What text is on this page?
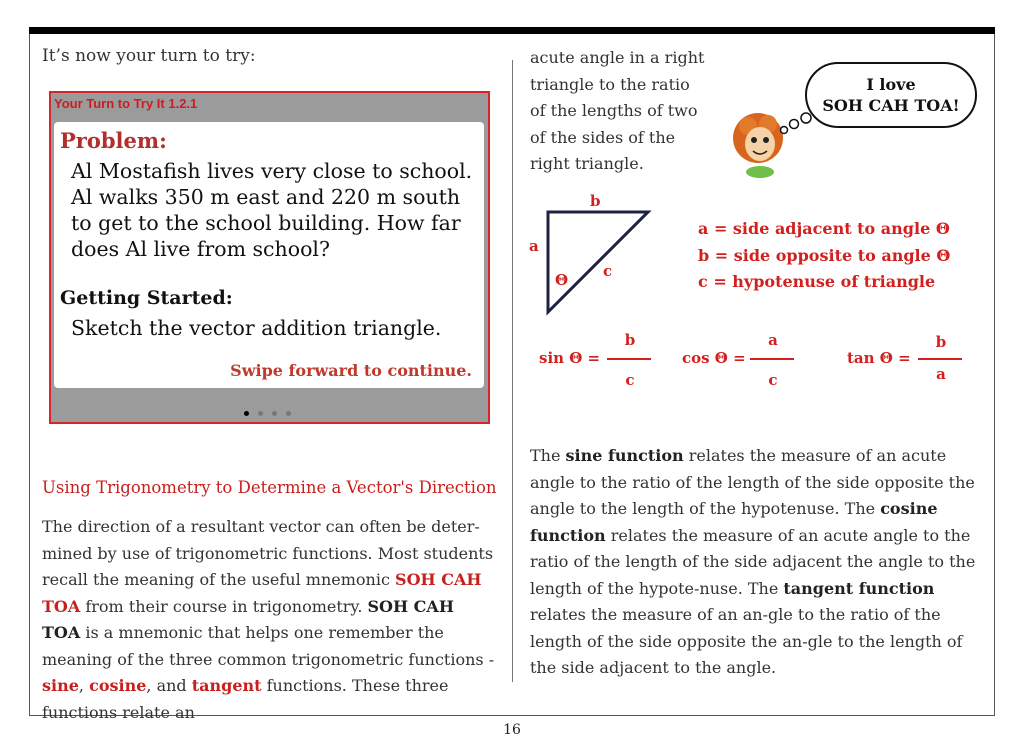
It’s now your turn to try:
Your Turn to Try It 1.2.1
Problem:
Al Mostafish lives very close to school. Al walks 350 m east and 220 m south to get to the school building. How far does Al live from school?
Getting Started:
Sketch the vector addition triangle.
Swipe forward to continue.
Using Trigonometry to Determine a Vector's Direction
The direction of a resultant vector can often be deter-mined by use of trigonometric functions. Most students recall the meaning of the useful mnemonic SOH CAH TOA from their course in trigonometry. SOH CAH TOA is a mnemonic that helps one remember the meaning of the three common trigonometric functions - sine, cosine, and tangent functions. These three functions relate an
acute angle in a right triangle to the ratio of the lengths of two of the sides of the right triangle.
I love
SOH CAH TOA!
b
a
c
Θ
a = side adjacent to angle Θ
b = side opposite to angle Θ
c = hypotenuse of triangle
sin Θ =
b
c
cos Θ =
a
c
tan Θ =
b
a
The sine function relates the measure of an acute angle to the ratio of the length of the side opposite the angle to the length of the hypotenuse. The cosine function relates the measure of an acute angle to the ratio of the length of the side adjacent the angle to the length of the hypote-nuse. The tangent function relates the measure of an an-gle to the ratio of the length of the side opposite the an-gle to the length of the side adjacent to the angle.
16
